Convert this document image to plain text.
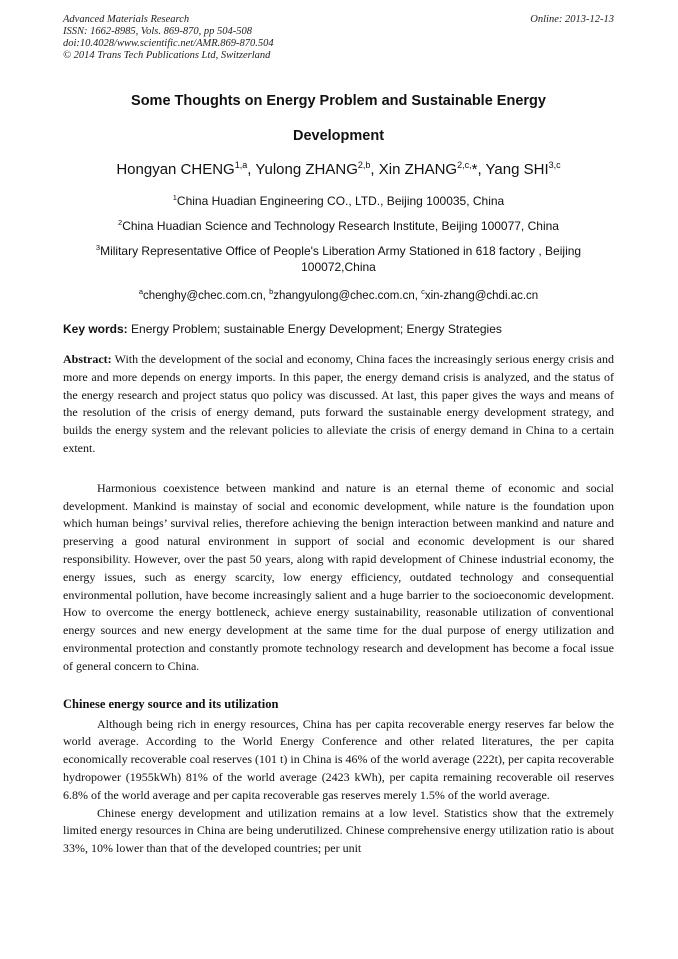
Advanced Materials Research
ISSN: 1662-8985, Vols. 869-870, pp 504-508
doi:10.4028/www.scientific.net/AMR.869-870.504
© 2014 Trans Tech Publications Ltd, Switzerland
Online: 2013-12-13
Some Thoughts on Energy Problem and Sustainable Energy
Development
Hongyan CHENG$^{1,a}$, Yulong ZHANG$^{2,b}$, Xin $ZHANG^{2,c,}*$, Yang SHI$^{3,c}$
$^1$China Huadian Engineering CO., LTD., Beijing 100035, China
$^2$China Huadian Science and Technology Research Institute, Beijing 100077, China
$^3$Military Representative Office of People's Liberation Army Stationed in 618 factory , Beijing
100072,China
$^a$chenghy@chec.com.cn, $^b$zhangyulong@chec.com.cn, $^c$xin-zhang@chdi.ac.cn
Key words: Energy Problem; sustainable Energy Development; Energy Strategies
Abstract: With the development of the social and economy, China faces the increasingly serious energy crisis and more and more depends on energy imports. In this paper, the energy demand crisis is analyzed, and the status of the energy research and project status quo policy was discussed. At last, this paper gives the ways and means of the resolution of the crisis of energy demand, puts forward the sustainable energy development strategy, and builds the energy system and the relevant policies to alleviate the crisis of energy demand in China to a certain extent.

Harmonious coexistence between mankind and nature is an eternal theme of economic and social development. Mankind is mainstay of social and economic development, while nature is the foundation upon which human beings’ survival relies, therefore achieving the benign interaction between mankind and nature and preserving a good natural environment in support of social and economic development is our shared responsibility. However, over the past 50 years, along with rapid development of Chinese industrial economy, the energy issues, such as energy scarcity, low energy efficiency, outdated technology and consequential environmental pollution, have become increasingly salient and a huge barrier to the socioeconomic development. How to overcome the energy bottleneck, achieve energy sustainability, reasonable utilization of conventional energy sources and new energy development at the same time for the dual purpose of energy utilization and environmental protection and constantly promote technology research and development has become a focal issue of general concern to China.

Chinese energy source and its utilization

Although being rich in energy resources, China has per capita recoverable energy reserves far below the world average. According to the World Energy Conference and other related literatures, the per capita economically recoverable coal reserves (101 t) in China is 46% of the world average (222t), per capita recoverable hydropower (1955kWh) 81% of the world average (2423 kWh), per capita remaining recoverable oil reserves 6.8% of the world average and per capita recoverable gas reserves merely 1.5% of the world average.

Chinese energy development and utilization remains at a low level. Statistics show that the extremely limited energy resources in China are being underutilized. Chinese comprehensive energy utilization ratio is about 33%, 10% lower than that of the developed countries; per unit
